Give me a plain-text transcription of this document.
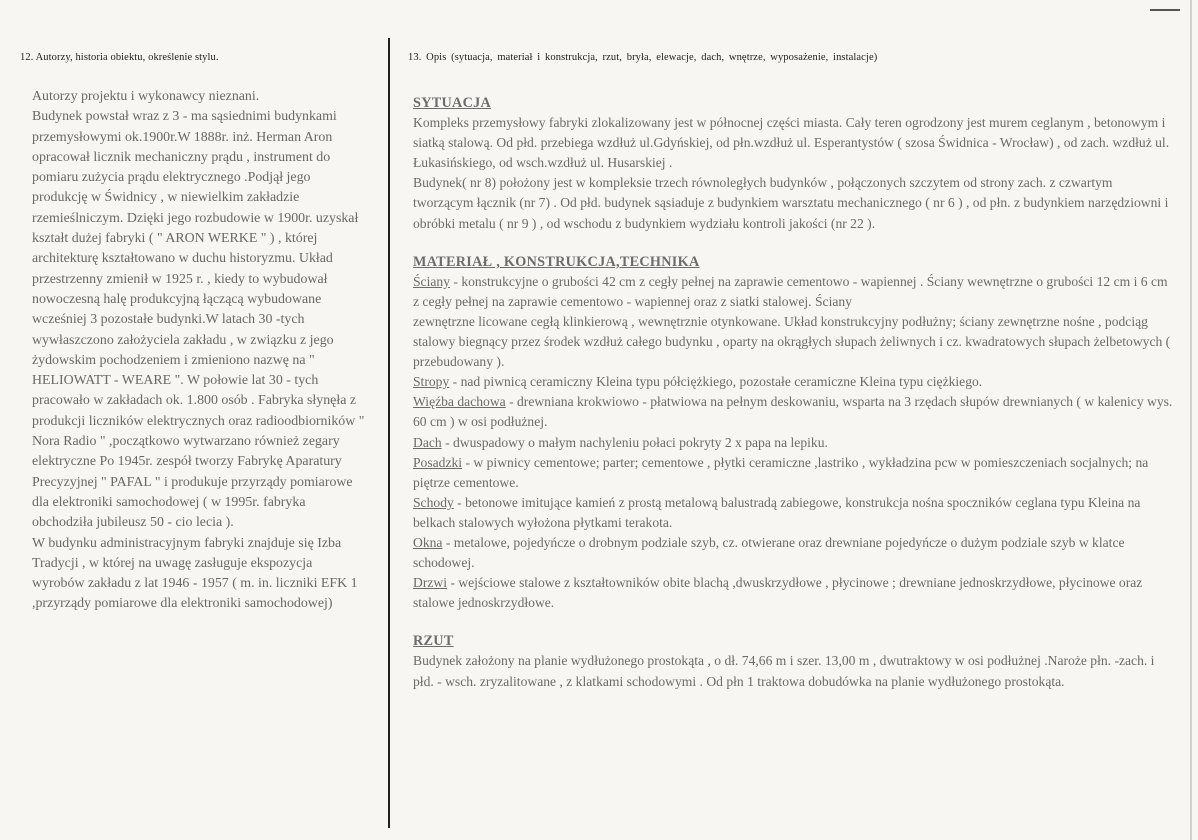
12. Autorzy, historia obiektu, określenie stylu.	13. Opis (sytuacja, materiał i konstrukcja, rzut, bryła, elewacje, dach, wnętrze, wyposażenie, instalacje)

Autorzy projektu i wykonawcy nieznani.

Budynek powstał wraz z 3 - ma sąsiednimi budynkami przemysłowymi ok.1900r.W 1888r. inż. Herman Aron opracował licznik mechaniczny prądu , instrument do pomiaru zużycia prądu elektrycznego .Podjął jego produkcję w Świdnicy , w niewielkim zakładzie rzemieślniczym. Dzięki jego rozbudowie w 1900r. uzyskał kształt dużej fabryki ( " ARON WERKE " ) , której architekturę kształtowano w duchu historyzmu. Układ przestrzenny zmienił w 1925 r. , kiedy to wybudował nowoczesną halę produkcyjną łączącą wybudowane wcześniej 3 pozostałe budynki.W latach 30 -tych wywłaszczono założyciela zakładu , w związku z jego żydowskim pochodzeniem i zmieniono nazwę na " HELIOWATT - WEARE ". W połowie lat 30 - tych pracowało w zakładach ok. 1.800 osób . Fabryka słynęła z produkcji liczników elektrycznych oraz radioodbiorników " Nora Radio " ,początkowo wytwarzano również zegary elektryczne Po 1945r. zespół tworzy Fabrykę Aparatury Precyzyjnej " PAFAL " i produkuje przyrządy pomiarowe dla elektroniki samochodowej ( w 1995r. fabryka obchodziła jubileusz 50 - cio lecia ).

W budynku administracyjnym fabryki znajduje się Izba Tradycji , w której na uwagę zasługuje ekspozycja wyrobów zakładu z lat 1946 - 1957 ( m. in. liczniki EFK 1 ,przyrządy pomiarowe dla elektroniki samochodowej)

SYTUACJA

Kompleks przemysłowy fabryki zlokalizowany jest w północnej części miasta. Cały teren ogrodzony jest murem ceglanym , betonowym i siatką stalową. Od płd. przebiega wzdłuż ul.Gdyńskiej, od płn.wzdłuż ul. Esperantystów ( szosa Świdnica - Wrocław) , od zach. wzdłuż ul. Łukasińskiego, od wsch.wzdłuż ul. Husarskiej .

Budynek( nr 8) położony jest w kompleksie trzech równoległych budynków , połączonych szczytem od strony zach. z czwartym tworzącym łącznik (nr 7) . Od płd. budynek sąsiaduje z budynkiem warsztatu mechanicznego ( nr 6 ) , od płn. z budynkiem narzędziowni i obróbki metalu ( nr 9 ) , od wschodu z budynkiem wydziału kontroli jakości (nr 22 ).

MATERIAŁ , KONSTRUKCJA,TECHNIKA

Ściany - konstrukcyjne o grubości 42 cm z cegły pełnej na zaprawie cementowo - wapiennej . Ściany wewnętrzne o grubości 12 cm i 6 cm z cegły pełnej na zaprawie cementowo - wapiennej oraz z siatki stalowej. Ściany

zewnętrzne licowane cegłą klinkierową , wewnętrznie otynkowane. Układ konstrukcyjny podłużny; ściany zewnętrzne nośne , podciąg stalowy biegnący przez środek wzdłuż całego budynku , oparty na okrągłych słupach żeliwnych i cz. kwadratowych słupach żelbetowych ( przebudowany ).

Stropy - nad piwnicą ceramiczny Kleina typu półciężkiego, pozostałe ceramiczne Kleina typu ciężkiego.

Więźba dachowa - drewniana krokwiowo - płatwiowa na pełnym deskowaniu, wsparta na 3 rzędach słupów drewnianych ( w kalenicy wys. 60 cm ) w osi podłużnej.

Dach - dwuspadowy o małym nachyleniu połaci pokryty 2 x papa na lepiku.

Posadzki - w piwnicy cementowe; parter; cementowe , płytki ceramiczne ,lastriko , wykładzina pcw w pomieszczeniach socjalnych; na piętrze cementowe.

Schody - betonowe imitujące kamień z prostą metalową balustradą zabiegowe, konstrukcja nośna spoczników ceglana typu Kleina na belkach stalowych wyłożona płytkami terakota.

Okna - metalowe, pojedyńcze o drobnym podziale szyb, cz. otwierane oraz drewniane pojedyńcze o dużym podziale szyb w klatce schodowej.

Drzwi - wejściowe stalowe z kształtowników obite blachą ,dwuskrzydłowe , płycinowe ; drewniane jednoskrzydłowe, płycinowe oraz stalowe jednoskrzydłowe.

RZUT

Budynek założony na planie wydłużonego prostokąta , o dł. 74,66 m i szer. 13,00 m , dwutraktowy w osi podłużnej .Naroże płn. -zach. i płd. - wsch. zryzalitowane , z klatkami schodowymi . Od płn 1 traktowa dobudówka na planie wydłużonego prostokąta.
